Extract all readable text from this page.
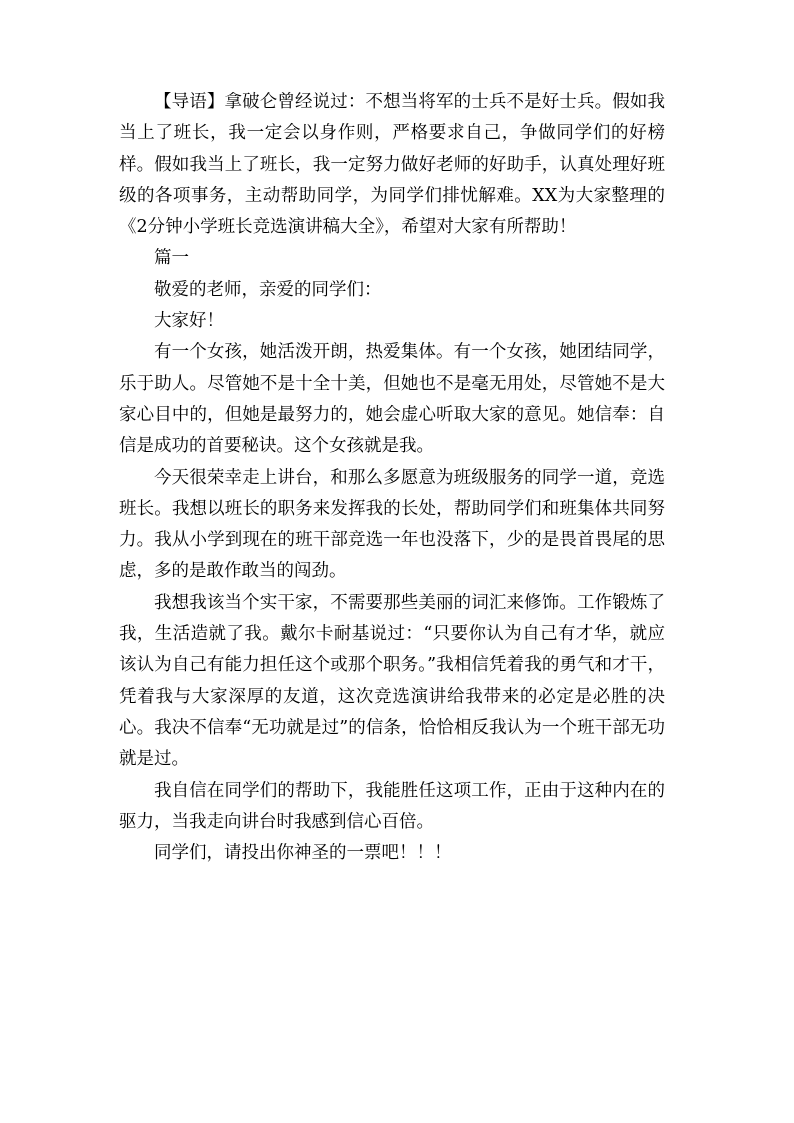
【导语】拿破仑曾经说过：不想当将军的士兵不是好士兵。假如我当上了班长，我一定会以身作则，严格要求自己，争做同学们的好榜样。假如我当上了班长，我一定努力做好老师的好助手，认真处理好班级的各项事务，主动帮助同学，为同学们排忧解难。XX为大家整理的《2分钟小学班长竞选演讲稿大全》，希望对大家有所帮助！

篇一

敬爱的老师，亲爱的同学们：

大家好！

有一个女孩，她活泼开朗，热爱集体。有一个女孩，她团结同学，乐于助人。尽管她不是十全十美，但她也不是毫无用处，尽管她不是大家心目中的，但她是最努力的，她会虚心听取大家的意见。她信奉：自信是成功的首要秘诀。这个女孩就是我。

今天很荣幸走上讲台，和那么多愿意为班级服务的同学一道，竞选班长。我想以班长的职务来发挥我的长处，帮助同学们和班集体共同努力。我从小学到现在的班干部竞选一年也没落下，少的是畏首畏尾的思虑，多的是敢作敢当的闯劲。

我想我该当个实干家，不需要那些美丽的词汇来修饰。工作锻炼了我，生活造就了我。戴尔卡耐基说过：“只要你认为自己有才华，就应该认为自己有能力担任这个或那个职务。”我相信凭着我的勇气和才干，凭着我与大家深厚的友道，这次竞选演讲给我带来的必定是必胜的决心。我决不信奉“无功就是过”的信条，恰恰相反我认为一个班干部无功就是过。

我自信在同学们的帮助下，我能胜任这项工作，正由于这种内在的驱力，当我走向讲台时我感到信心百倍。

同学们，请投出你神圣的一票吧！！！
